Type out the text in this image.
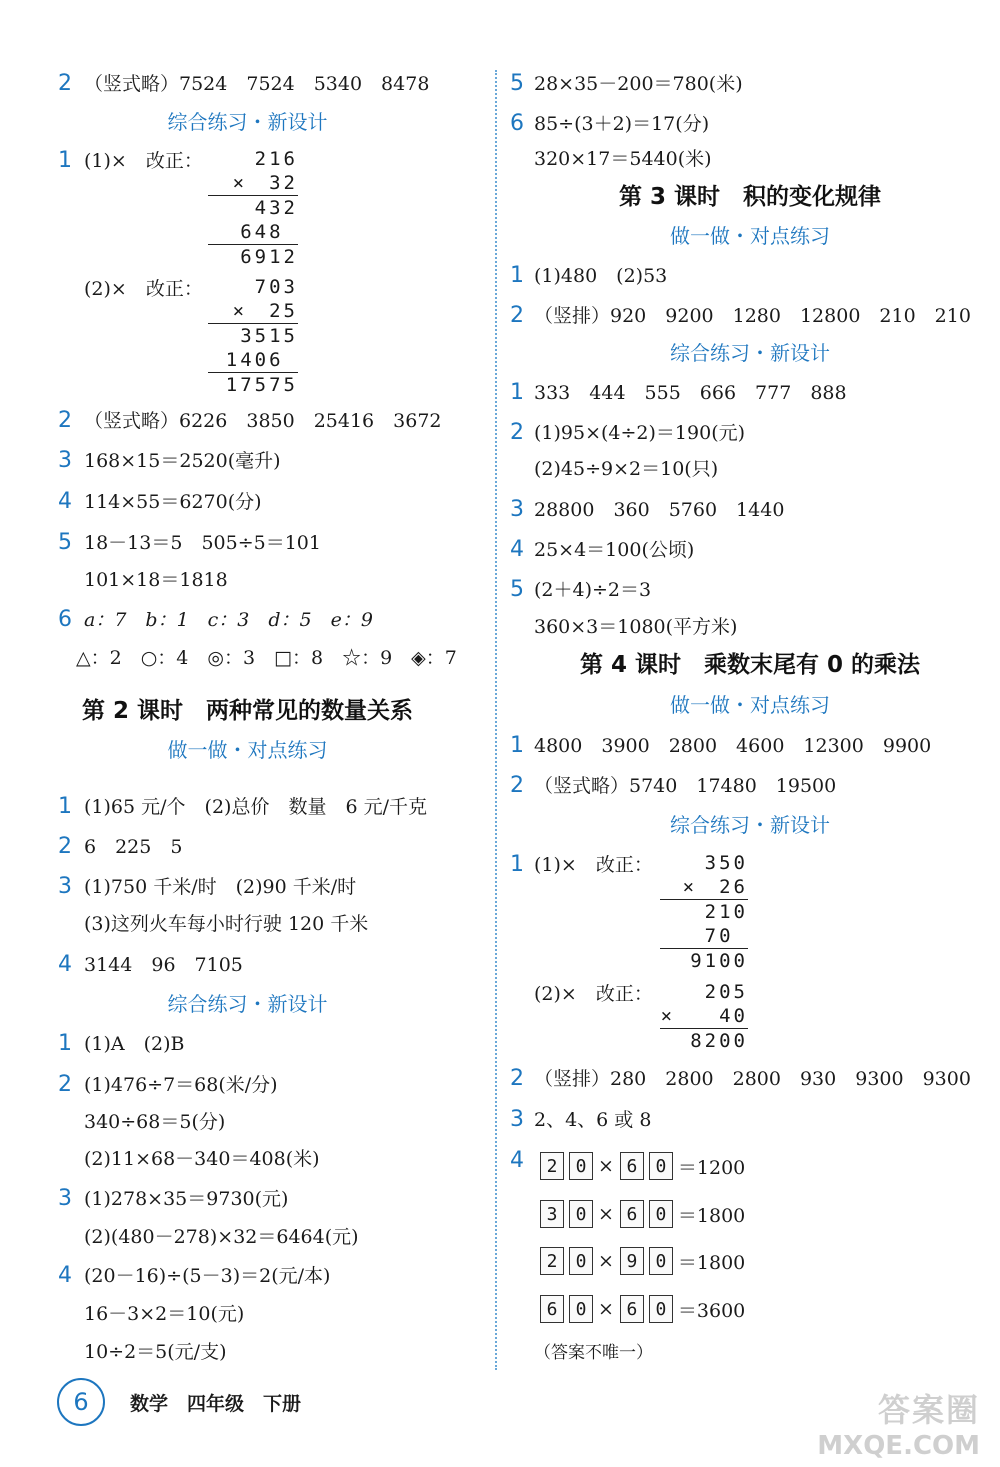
2 （竖式略）7524　7524　5340　8478
综合练习・新设计
1 (1)×　改正：	216
×　32
432
648
6912
(2)×　改正：	703
×　25
3515
1406
17575
2 （竖式略）6226　3850　25416　3672
3 168×15＝2520(毫升)
4 114×55＝6270(分)
5 18－13＝5　505÷5＝101
101×18＝1818
6 a：7　b：1　c：3　d：5　e：9
△：2　○：4　◎：3　□：8　☆：9　◈：7
第 2 课时　两种常见的数量关系
做一做・对点练习
1 (1)65 元/个　(2)总价　数量　6 元/千克
2 6　225　5
3 (1)750 千米/时　(2)90 千米/时
(3)这列火车每小时行驶 120 千米
4 3144　96　7105
综合练习・新设计
1 (1)A　(2)B
2 (1)476÷7＝68(米/分)
340÷68＝5(分)
(2)11×68－340＝408(米)
3 (1)278×35＝9730(元)
(2)(480－278)×32＝6464(元)
4 (20－16)÷(5－3)＝2(元/本)
16－3×2＝10(元)
10÷2＝5(元/支)
5 28×35－200＝780(米)
6 85÷(3＋2)＝17(分)
320×17＝5440(米)
第 3 课时　积的变化规律
做一做・对点练习
1 (1)480　(2)53
2 （竖排）920　9200　1280　12800　210　210
综合练习・新设计
1 333　444　555　666　777　888
2 (1)95×(4÷2)＝190(元)
(2)45÷9×2＝10(只)
3 28800　360　5760　1440
4 25×4＝100(公顷)
5 (2＋4)÷2＝3
360×3＝1080(平方米)
第 4 课时　乘数末尾有 0 的乘法
做一做・对点练习
1 4800　3900　2800　4600　12300　9900
2 （竖式略）5740　17480　19500
综合练习・新设计
1 (1)×　改正：	350
×　26
210
70
9100
(2)×　改正：	205
×　　40
8200
2 （竖排）280　2800　2800　930　9300　9300
3 2、4、6 或 8
4	2	0 × 6	0 ＝1200
3	0 × 6	0 ＝1800
2	0 × 9	0 ＝1800
6	0 × 6	0 ＝3600
（答案不唯一）
6 数学　四年级　下册	答案圈
MXQE.COM
